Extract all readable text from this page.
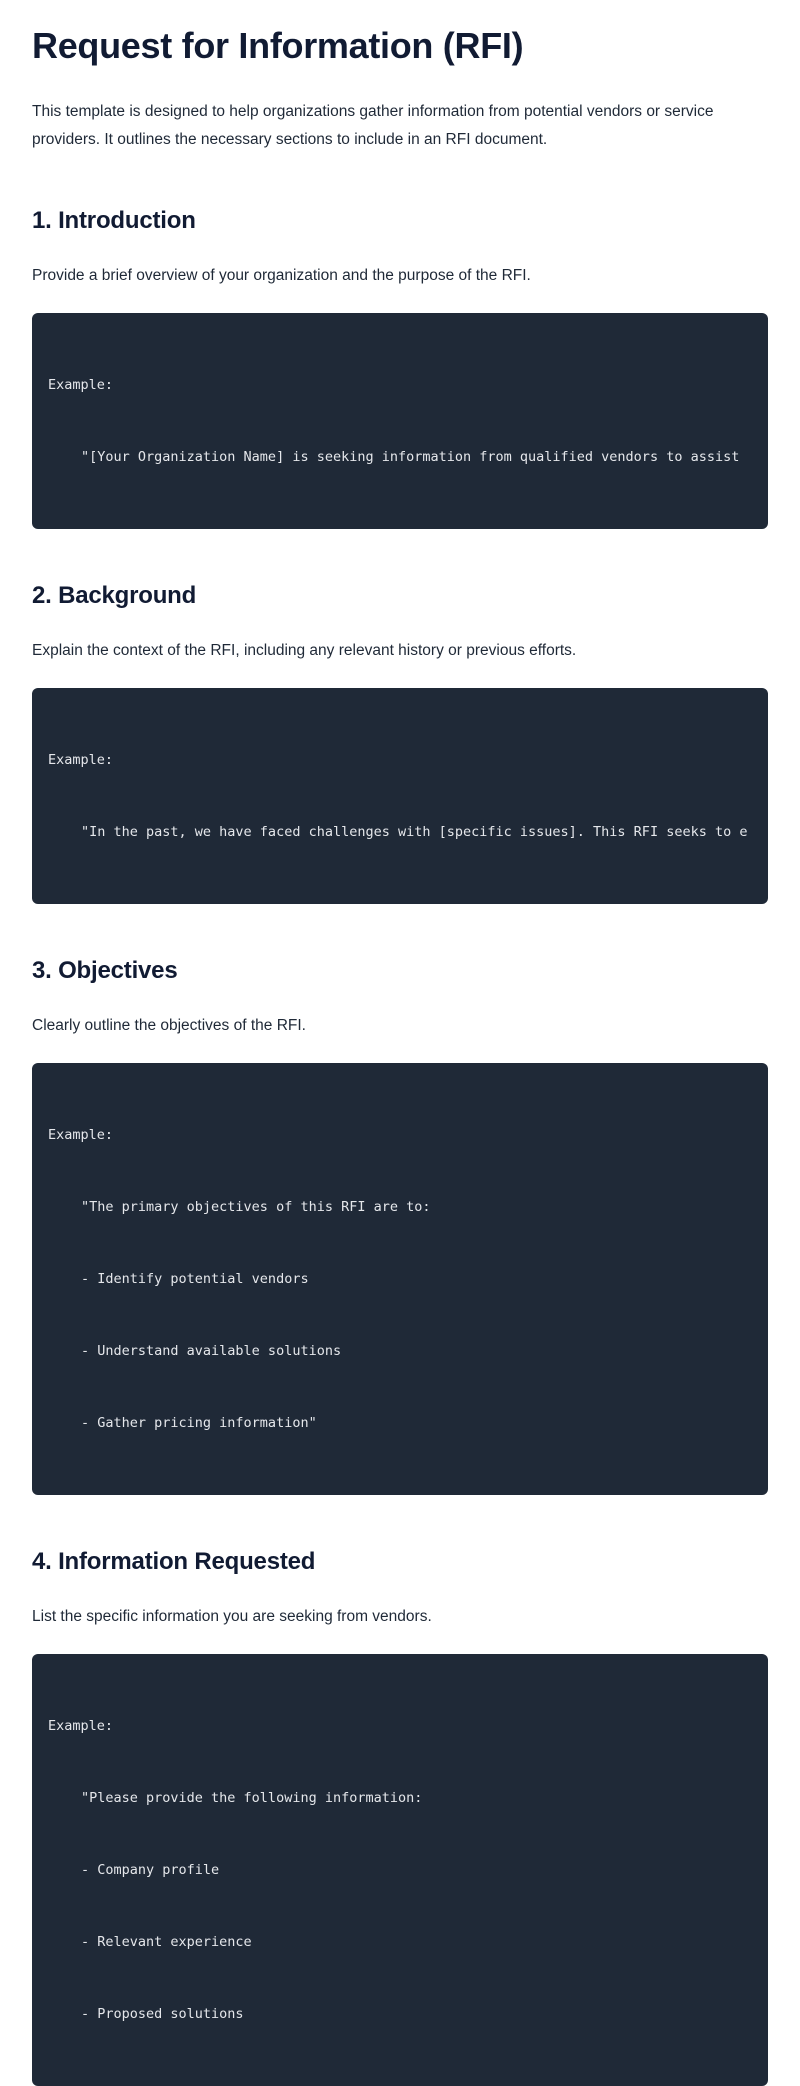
Request for Information (RFI)

This template is designed to help organizations gather information from potential vendors or service providers. It outlines the necessary sections to include in an RFI document.

1. Introduction

Provide a brief overview of your organization and the purpose of the RFI.

Example:

"[Your Organization Name] is seeking information from qualified vendors to assist

2. Background

Explain the context of the RFI, including any relevant history or previous efforts.

Example:

"In the past, we have faced challenges with [specific issues]. This RFI seeks to e

3. Objectives

Clearly outline the objectives of the RFI.

Example:

"The primary objectives of this RFI are to:

- Identify potential vendors

- Understand available solutions

- Gather pricing information"

4. Information Requested

List the specific information you are seeking from vendors.

Example:

"Please provide the following information:

- Company profile

- Relevant experience

- Proposed solutions
